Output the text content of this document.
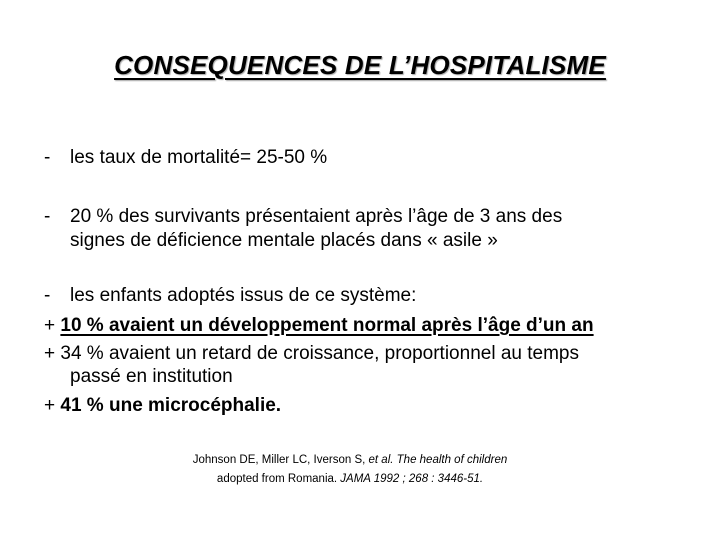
CONSEQUENCES DE L’HOSPITALISME
- les taux de mortalité= 25-50 %
- 20 % des survivants présentaient après l’âge de 3 ans des
signes de déficience mentale placés dans « asile »
- les enfants adoptés issus de ce système:
+ 10 % avaient un développement normal après l’âge d’un an
+ 34 % avaient un retard de croissance, proportionnel au temps
passé en institution
+ 41 % une microcéphalie.
Johnson DE, Miller LC, Iverson S, et al. The health of children
adopted from Romania. JAMA 1992 ; 268 : 3446-51.
